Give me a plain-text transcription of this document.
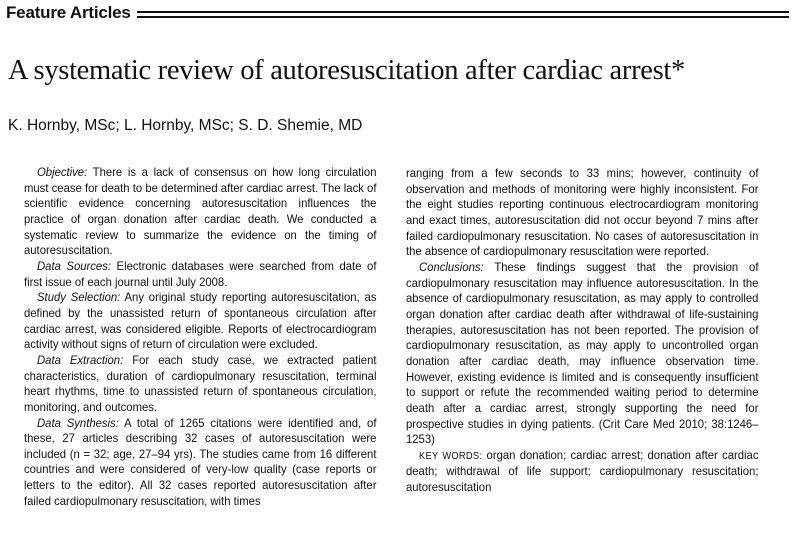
Feature Articles
A systematic review of autoresuscitation after cardiac arrest*
K. Hornby, MSc; L. Hornby, MSc; S. D. Shemie, MD

Objective: There is a lack of consensus on how long circulation must cease for death to be determined after cardiac arrest. The lack of scientific evidence concerning autoresuscitation influences the practice of organ donation after cardiac death. We conducted a systematic review to summarize the evidence on the timing of autoresuscitation.

Data Sources: Electronic databases were searched from date of first issue of each journal until July 2008.

Study Selection: Any original study reporting autoresuscitation, as defined by the unassisted return of spontaneous circulation after cardiac arrest, was considered eligible. Reports of electrocardiogram activity without signs of return of circulation were excluded.

Data Extraction: For each study case, we extracted patient characteristics, duration of cardiopulmonary resuscitation, terminal heart rhythms, time to unassisted return of spontaneous circulation, monitoring, and outcomes.

Data Synthesis: A total of 1265 citations were identified and, of these, 27 articles describing 32 cases of autoresuscitation were included (n = 32; age, 27–94 yrs). The studies came from 16 different countries and were considered of very-low quality (case reports or letters to the editor). All 32 cases reported autoresuscitation after failed cardiopulmonary resuscitation, with times

ranging from a few seconds to 33 mins; however, continuity of observation and methods of monitoring were highly inconsistent. For the eight studies reporting continuous electrocardiogram monitoring and exact times, autoresuscitation did not occur beyond 7 mins after failed cardiopulmonary resuscitation. No cases of autoresuscitation in the absence of cardiopulmonary resuscitation were reported.

Conclusions: These findings suggest that the provision of cardiopulmonary resuscitation may influence autoresuscitation. In the absence of cardiopulmonary resuscitation, as may apply to controlled organ donation after cardiac death after withdrawal of life-sustaining therapies, autoresuscitation has not been reported. The provision of cardiopulmonary resuscitation, as may apply to uncontrolled organ donation after cardiac death, may influence observation time. However, existing evidence is limited and is consequently insufficient to support or refute the recommended waiting period to determine death after a cardiac arrest, strongly supporting the need for prospective studies in dying patients. (Crit Care Med 2010; 38:1246–1253)

KEY WORDS: organ donation; cardiac arrest; donation after cardiac death; withdrawal of life support; cardiopulmonary resuscitation; autoresuscitation
